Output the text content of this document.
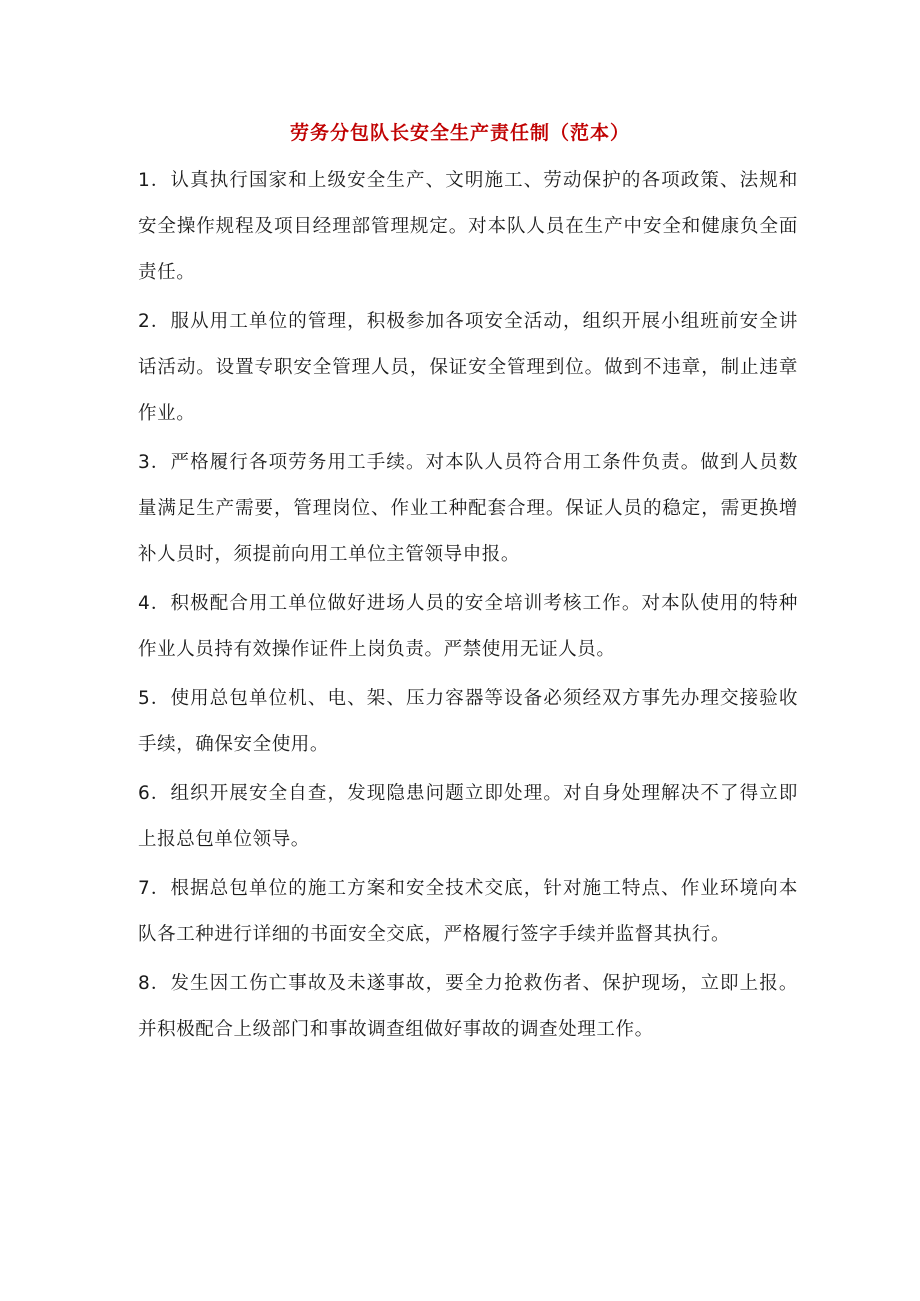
劳务分包队长安全生产责任制（范本）

1．认真执行国家和上级安全生产、文明施工、劳动保护的各项政策、法规和安全操作规程及项目经理部管理规定。对本队人员在生产中安全和健康负全面责任。

2．服从用工单位的管理，积极参加各项安全活动，组织开展小组班前安全讲话活动。设置专职安全管理人员，保证安全管理到位。做到不违章，制止违章作业。

3．严格履行各项劳务用工手续。对本队人员符合用工条件负责。做到人员数量满足生产需要，管理岗位、作业工种配套合理。保证人员的稳定，需更换增补人员时，须提前向用工单位主管领导申报。

4．积极配合用工单位做好进场人员的安全培训考核工作。对本队使用的特种作业人员持有效操作证件上岗负责。严禁使用无证人员。

5．使用总包单位机、电、架、压力容器等设备必须经双方事先办理交接验收手续，确保安全使用。

6．组织开展安全自查，发现隐患问题立即处理。对自身处理解决不了得立即上报总包单位领导。

7．根据总包单位的施工方案和安全技术交底，针对施工特点、作业环境向本队各工种进行详细的书面安全交底，严格履行签字手续并监督其执行。

8．发生因工伤亡事故及未遂事故，要全力抢救伤者、保护现场，立即上报。并积极配合上级部门和事故调查组做好事故的调查处理工作。
